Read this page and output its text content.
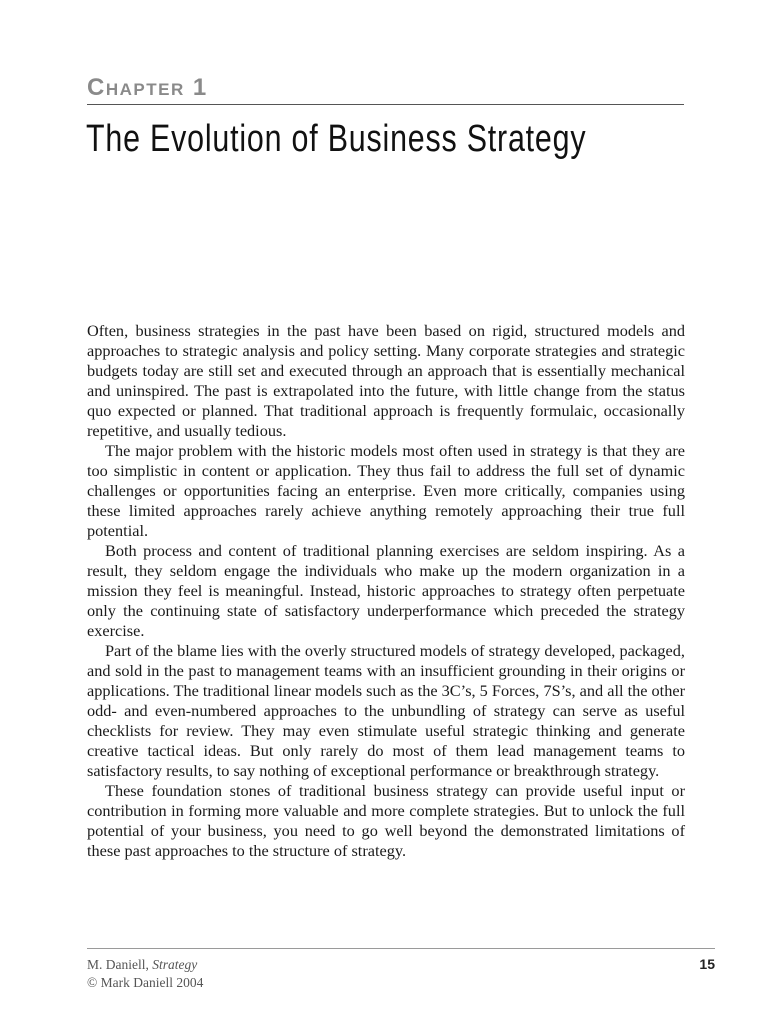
Chapter 1
The Evolution of Business Strategy

Often, business strategies in the past have been based on rigid, structured models and approaches to strategic analysis and policy setting. Many corporate strategies and strategic budgets today are still set and executed through an approach that is essentially mechanical and uninspired. The past is extrapolated into the future, with little change from the status quo expected or planned. That traditional approach is frequently formulaic, occasionally repetitive, and usually tedious.

The major problem with the historic models most often used in strategy is that they are too simplistic in content or application. They thus fail to address the full set of dynamic challenges or opportunities facing an enterprise. Even more critically, companies using these limited approaches rarely achieve anything remotely approaching their true full potential.

Both process and content of traditional planning exercises are seldom inspiring. As a result, they seldom engage the individuals who make up the modern organization in a mission they feel is meaningful. Instead, historic approaches to strategy often perpetuate only the continuing state of satisfactory underperformance which preceded the strategy exercise.

Part of the blame lies with the overly structured models of strategy developed, packaged, and sold in the past to management teams with an insufficient grounding in their origins or applications. The traditional linear models such as the 3C’s, 5 Forces, 7S’s, and all the other odd- and even-numbered approaches to the unbundling of strategy can serve as useful checklists for review. They may even stimulate useful strategic thinking and generate creative tactical ideas. But only rarely do most of them lead management teams to satisfactory results, to say nothing of exceptional performance or breakthrough strategy.

These foundation stones of traditional business strategy can provide useful input or contribution in forming more valuable and more complete strategies. But to unlock the full potential of your business, you need to go well beyond the demonstrated limitations of these past approaches to the structure of strategy.

M. Daniell, Strategy
© Mark Daniell 2004
15
